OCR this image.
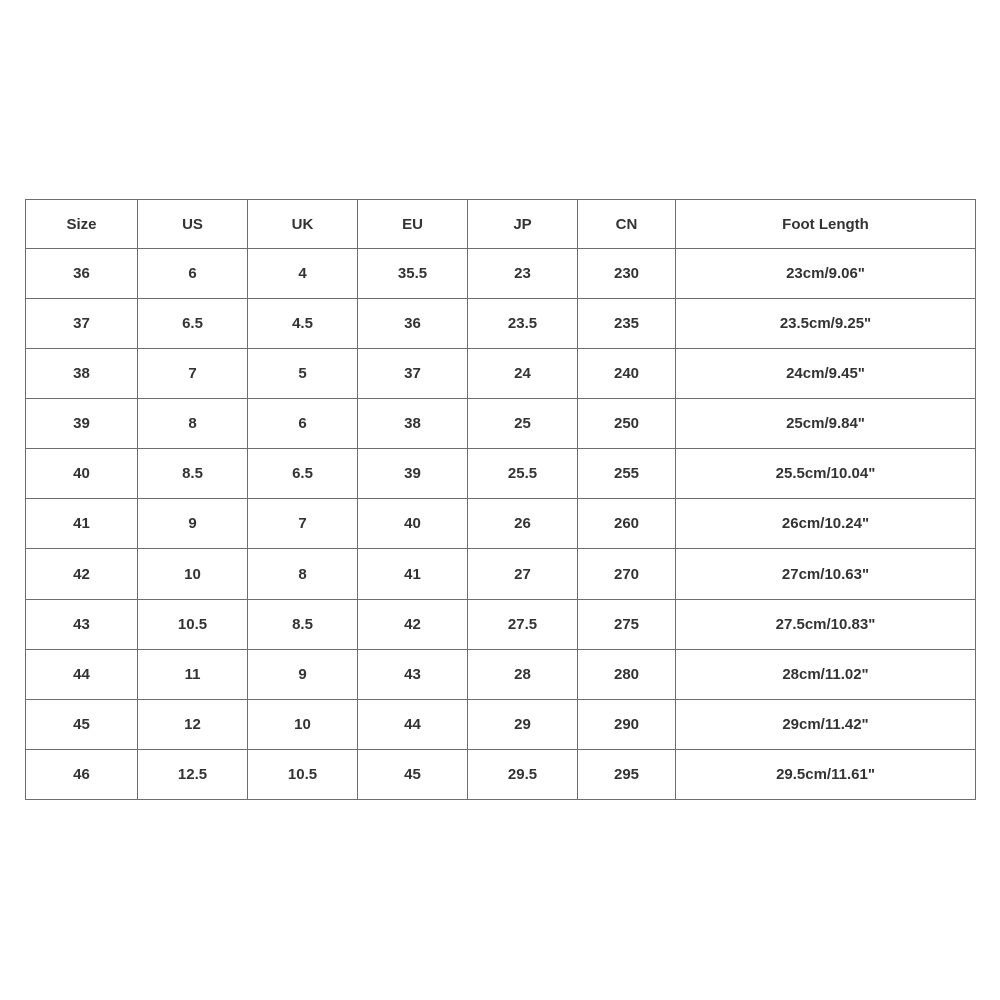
Size	US	UK	EU	JP	CN	Foot Length
36	6	4	35.5	23	230	23cm/9.06"
37	6.5	4.5	36	23.5	235	23.5cm/9.25"
38	7	5	37	24	240	24cm/9.45"
39	8	6	38	25	250	25cm/9.84"
40	8.5	6.5	39	25.5	255	25.5cm/10.04"
41	9	7	40	26	260	26cm/10.24"
42	10	8	41	27	270	27cm/10.63"
43	10.5	8.5	42	27.5	275	27.5cm/10.83"
44	11	9	43	28	280	28cm/11.02"
45	12	10	44	29	290	29cm/11.42"
46	12.5	10.5	45	29.5	295	29.5cm/11.61"
